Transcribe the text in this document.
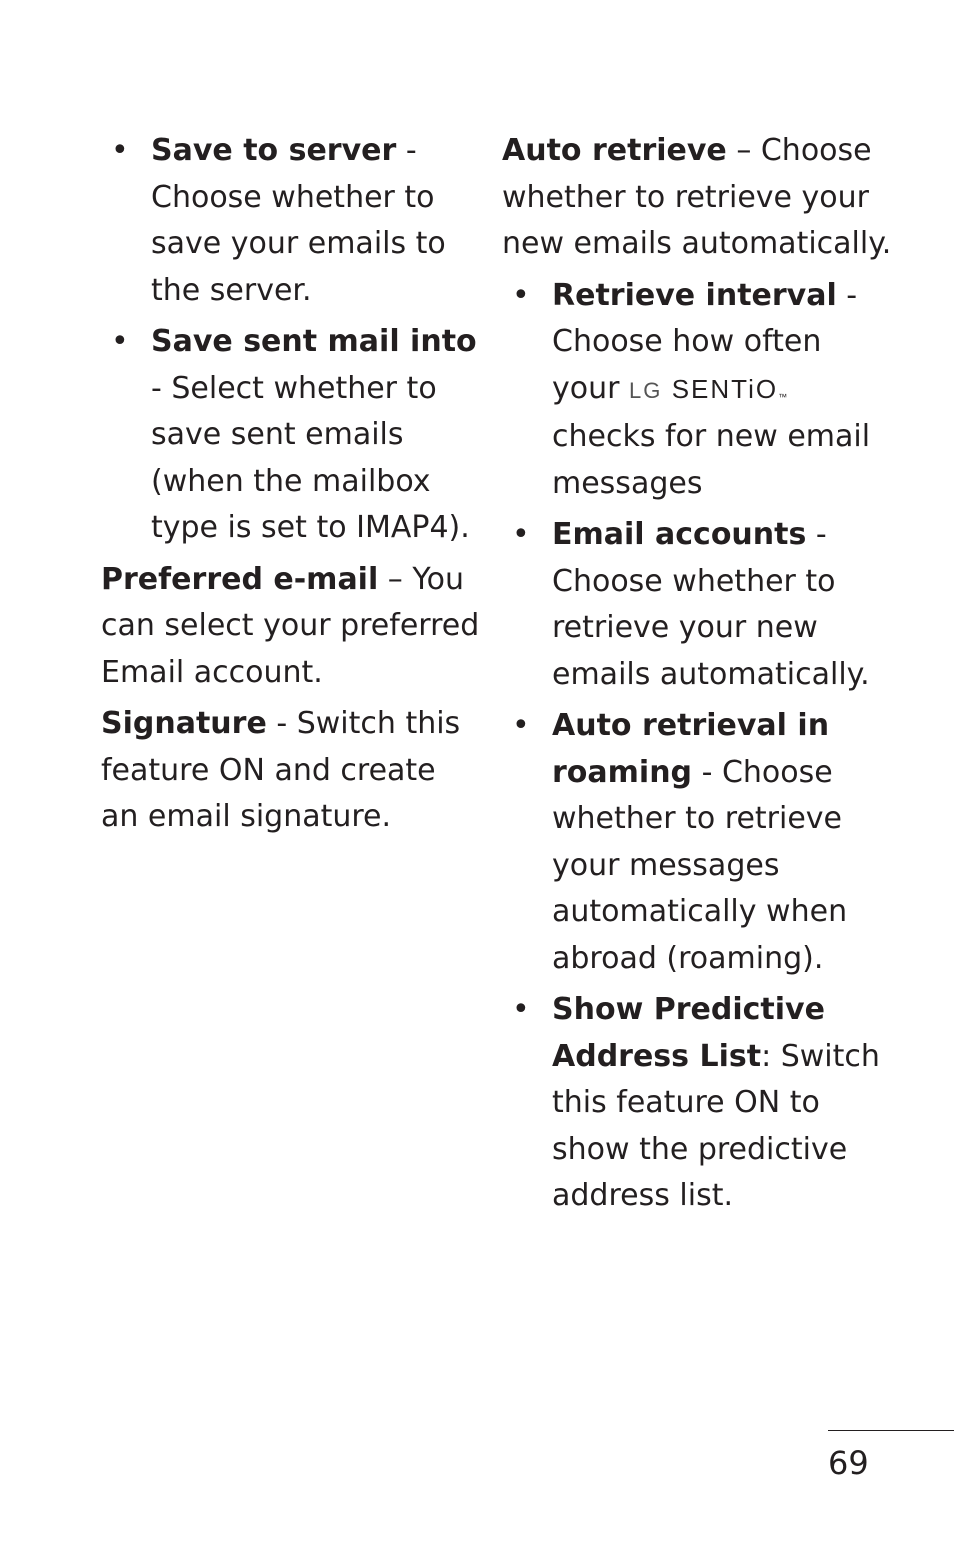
• Save to server - Choose whether to save your emails to the server.
• Save sent mail into - Select whether to save sent emails (when the mailbox type is set to IMAP4).

Preferred e-mail – You can select your preferred Email account.

Signature - Switch this feature ON and create an email signature.

Auto retrieve – Choose whether to retrieve your new emails automatically.

• Retrieve interval - Choose how often your LG SENTiO™ checks for new email messages
• Email accounts - Choose whether to retrieve your new emails automatically.
• Auto retrieval in roaming - Choose whether to retrieve your messages automatically when abroad (roaming).
• Show Predictive Address List: Switch this feature ON to show the predictive address list.
69
